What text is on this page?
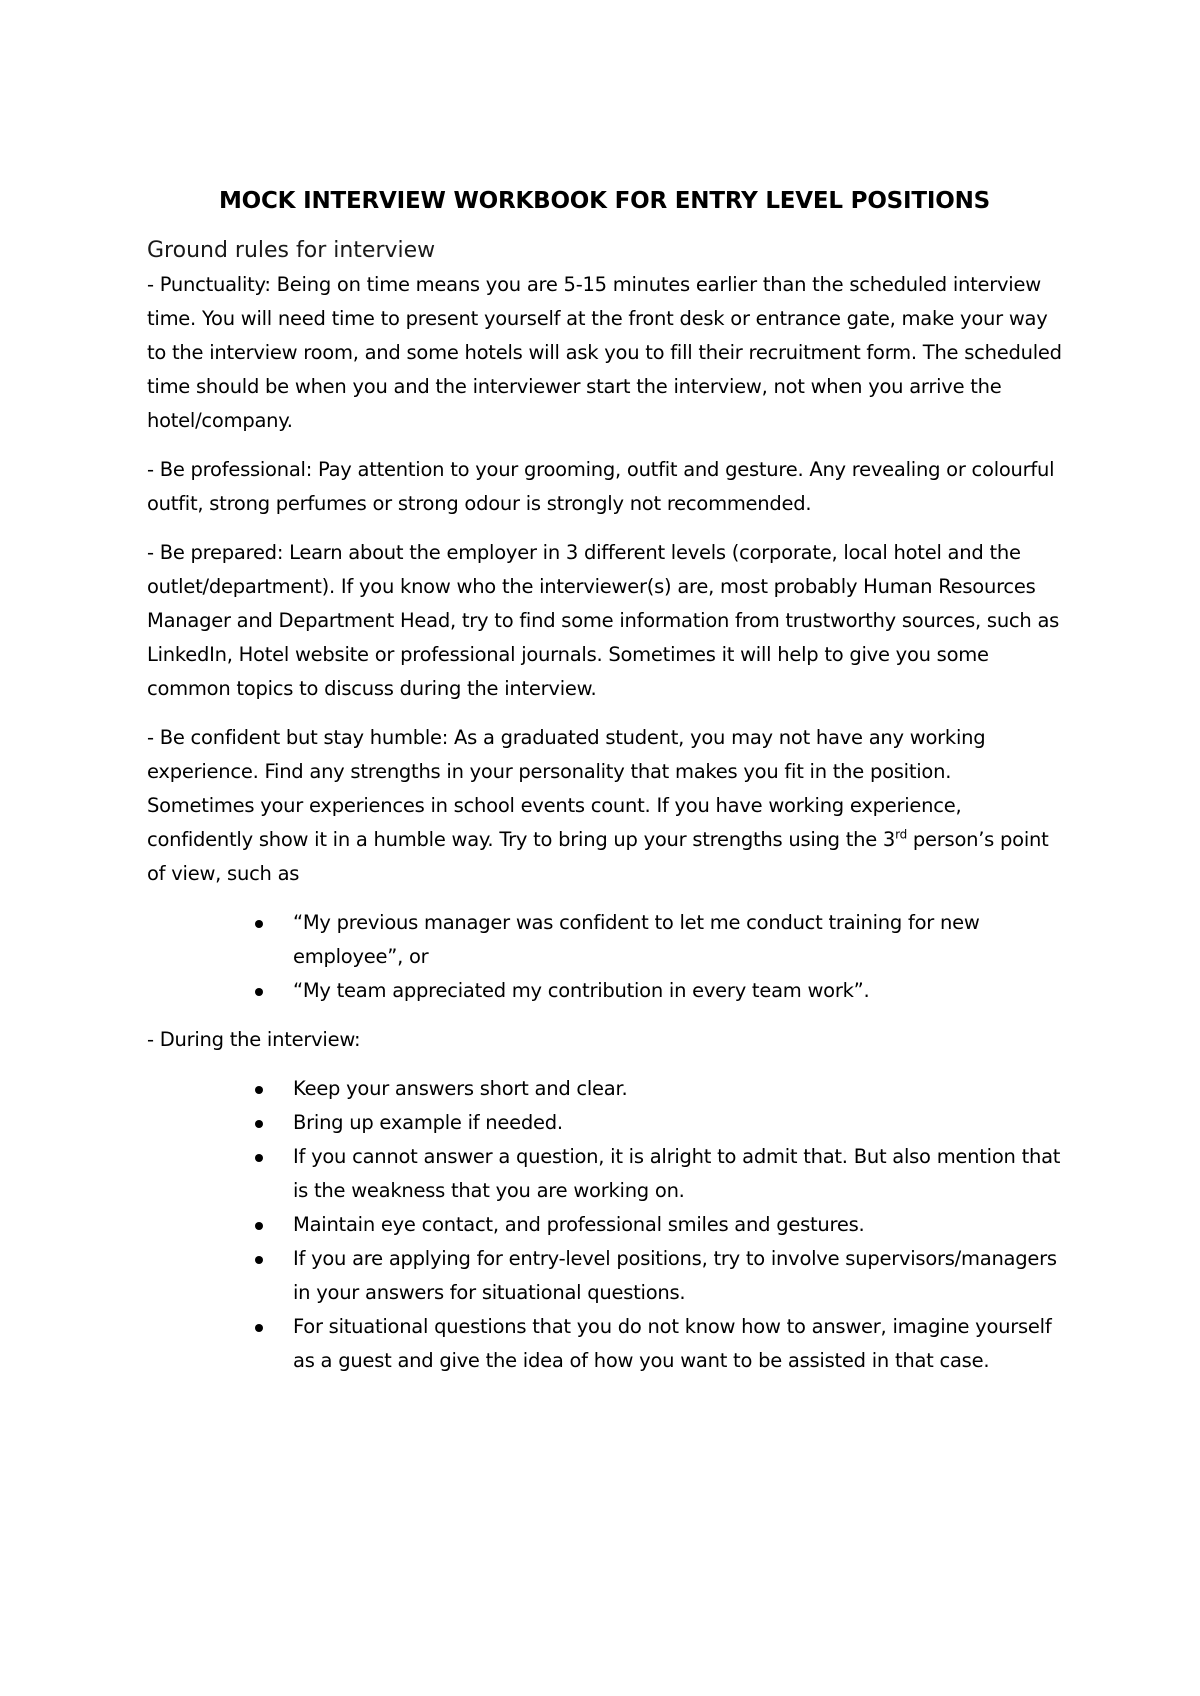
MOCK INTERVIEW WORKBOOK FOR ENTRY LEVEL POSITIONS
Ground rules for interview

- Punctuality: Being on time means you are 5-15 minutes earlier than the scheduled interview time. You will need time to present yourself at the front desk or entrance gate, make your way to the interview room, and some hotels will ask you to fill their recruitment form. The scheduled time should be when you and the interviewer start the interview, not when you arrive the hotel/company.

- Be professional: Pay attention to your grooming, outfit and gesture. Any revealing or colourful outfit, strong perfumes or strong odour is strongly not recommended.

- Be prepared: Learn about the employer in 3 different levels (corporate, local hotel and the outlet/department). If you know who the interviewer(s) are, most probably Human Resources Manager and Department Head, try to find some information from trustworthy sources, such as LinkedIn, Hotel website or professional journals. Sometimes it will help to give you some common topics to discuss during the interview.

- Be confident but stay humble: As a graduated student, you may not have any working experience. Find any strengths in your personality that makes you fit in the position. Sometimes your experiences in school events count. If you have working experience, confidently show it in a humble way. Try to bring up your strengths using the 3rd person’s point of view, such as

“My previous manager was confident to let me conduct training for new employee”, or
“My team appreciated my contribution in every team work”.

- During the interview:

Keep your answers short and clear.
Bring up example if needed.
If you cannot answer a question, it is alright to admit that. But also mention that is the weakness that you are working on.
Maintain eye contact, and professional smiles and gestures.
If you are applying for entry-level positions, try to involve supervisors/managers in your answers for situational questions.
For situational questions that you do not know how to answer, imagine yourself as a guest and give the idea of how you want to be assisted in that case.
